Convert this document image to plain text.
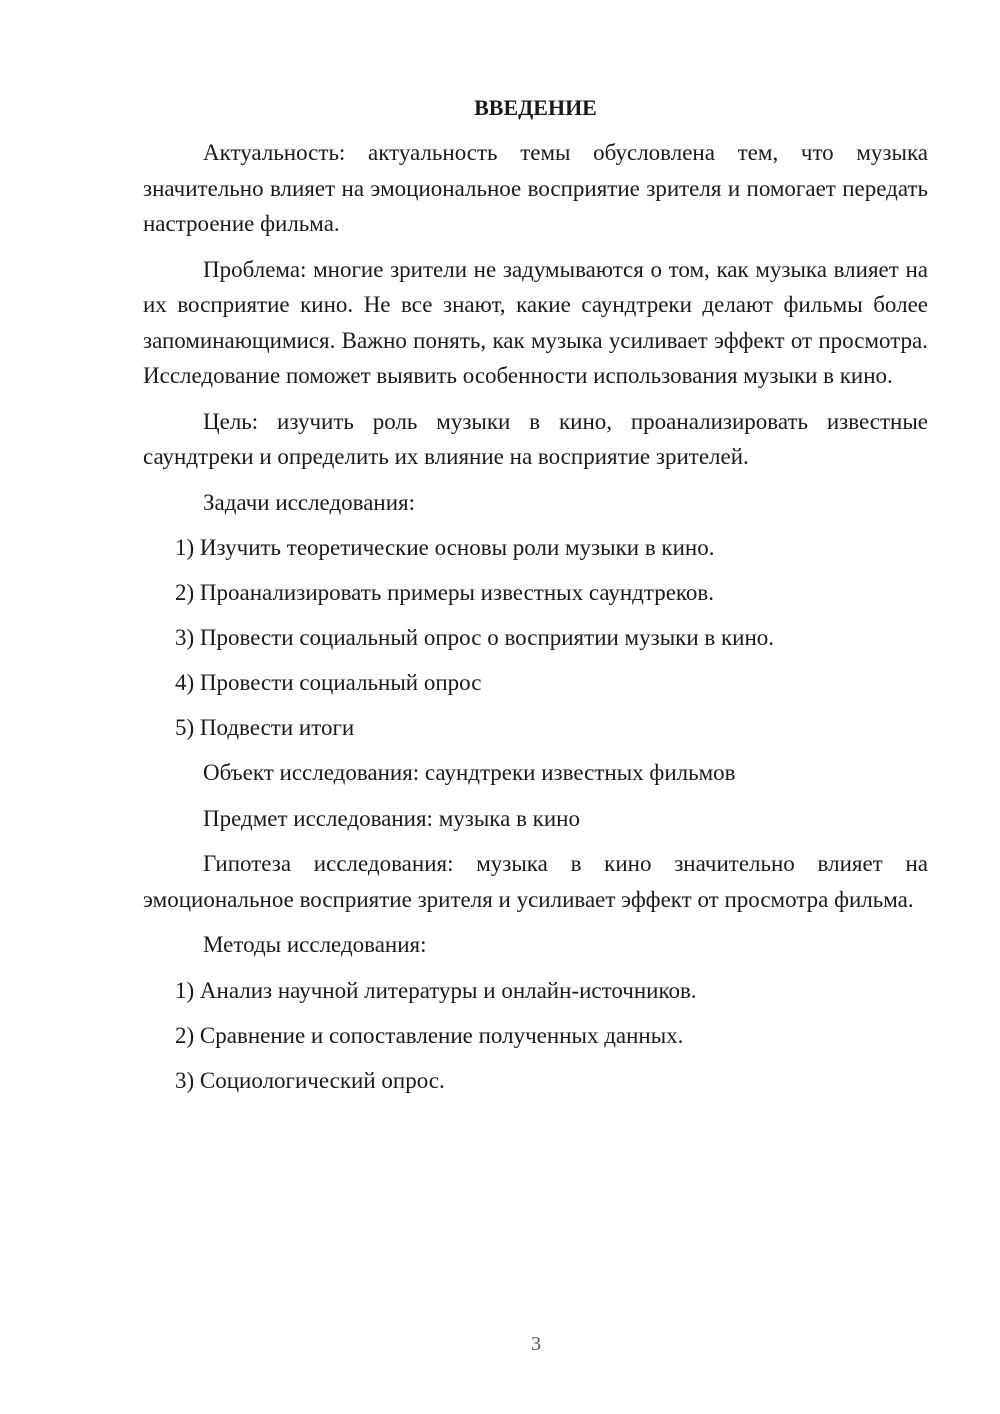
ВВЕДЕНИЕ

Актуальность: актуальность темы обусловлена тем, что музыка значительно влияет на эмоциональное восприятие зрителя и помогает передать настроение фильма.

Проблема: многие зрители не задумываются о том, как музыка влияет на их восприятие кино. Не все знают, какие саундтреки делают фильмы более запоминающимися. Важно понять, как музыка усиливает эффект от просмотра. Исследование поможет выявить особенности использования музыки в кино.

Цель: изучить роль музыки в кино, проанализировать известные саундтреки и определить их влияние на восприятие зрителей.

Задачи исследования:

1) Изучить теоретические основы роли музыки в кино.

2) Проанализировать примеры известных саундтреков.

3) Провести социальный опрос о восприятии музыки в кино.

4) Провести социальный опрос

5) Подвести итоги

Объект исследования: саундтреки известных фильмов

Предмет исследования: музыка в кино

Гипотеза исследования: музыка в кино значительно влияет на эмоциональное восприятие зрителя и усиливает эффект от просмотра фильма.

Методы исследования:

1) Анализ научной литературы и онлайн-источников.

2) Сравнение и сопоставление полученных данных.

3) Социологический опрос.

3
